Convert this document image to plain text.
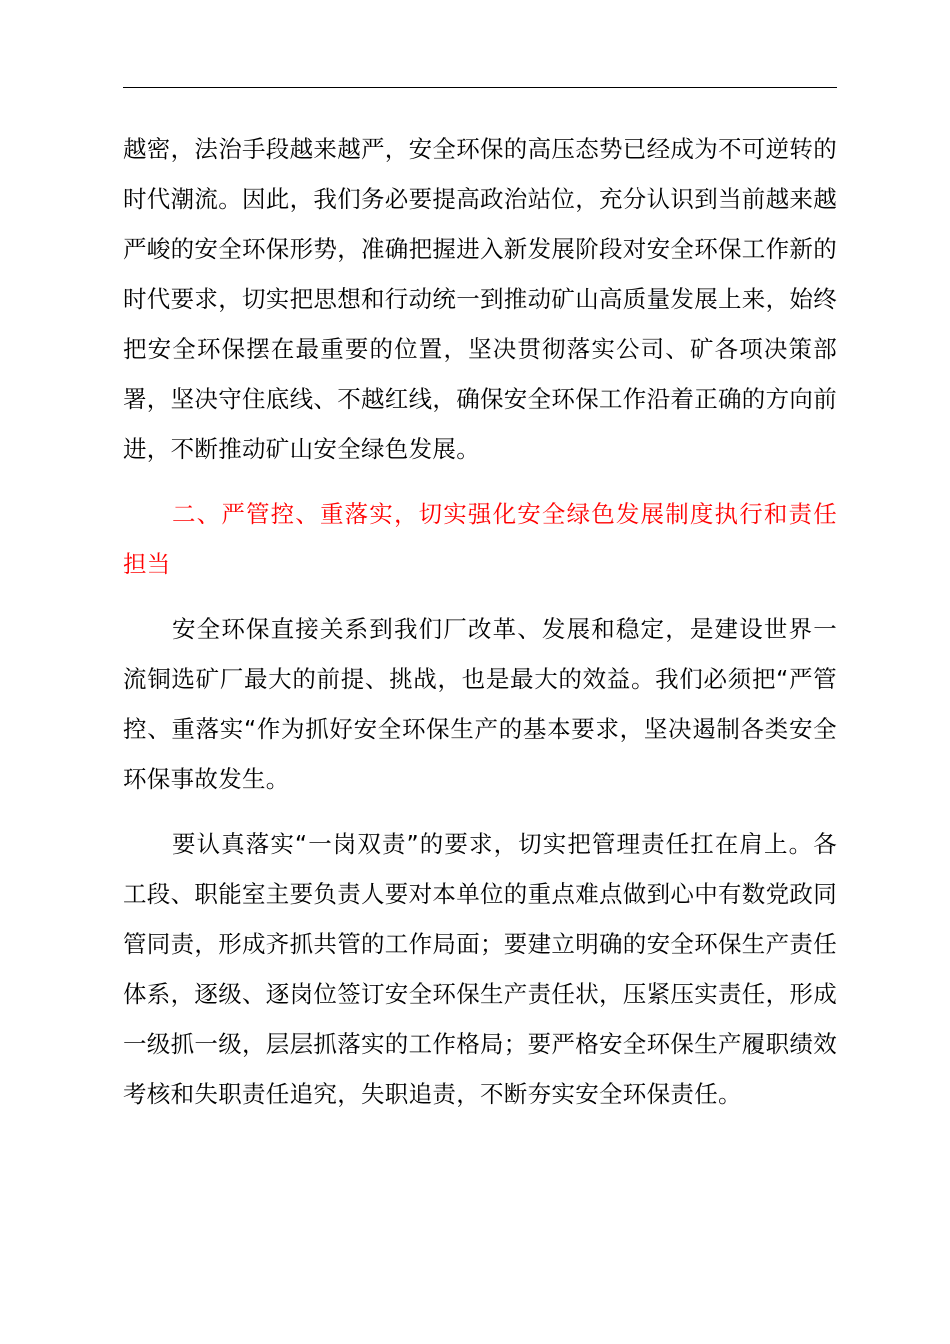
越密，法治手段越来越严，安全环保的高压态势已经成为不可逆转的时代潮流。因此，我们务必要提高政治站位，充分认识到当前越来越严峻的安全环保形势，准确把握进入新发展阶段对安全环保工作新的时代要求，切实把思想和行动统一到推动矿山高质量发展上来，始终把安全环保摆在最重要的位置，坚决贯彻落实公司、矿各项决策部署，坚决守住底线、不越红线，确保安全环保工作沿着正确的方向前进，不断推动矿山安全绿色发展。

二、严管控、重落实，切实强化安全绿色发展制度执行和责任担当

安全环保直接关系到我们厂改革、发展和稳定，是建设世界一流铜选矿厂最大的前提、挑战，也是最大的效益。我们必须把“严管控、重落实“作为抓好安全环保生产的基本要求，坚决遏制各类安全环保事故发生。

要认真落实“一岗双责”的要求，切实把管理责任扛在肩上。各工段、职能室主要负责人要对本单位的重点难点做到心中有数党政同管同责，形成齐抓共管的工作局面；要建立明确的安全环保生产责任体系，逐级、逐岗位签订安全环保生产责任状，压紧压实责任，形成一级抓一级，层层抓落实的工作格局；要严格安全环保生产履职绩效考核和失职责任追究，失职追责，不断夯实安全环保责任。
